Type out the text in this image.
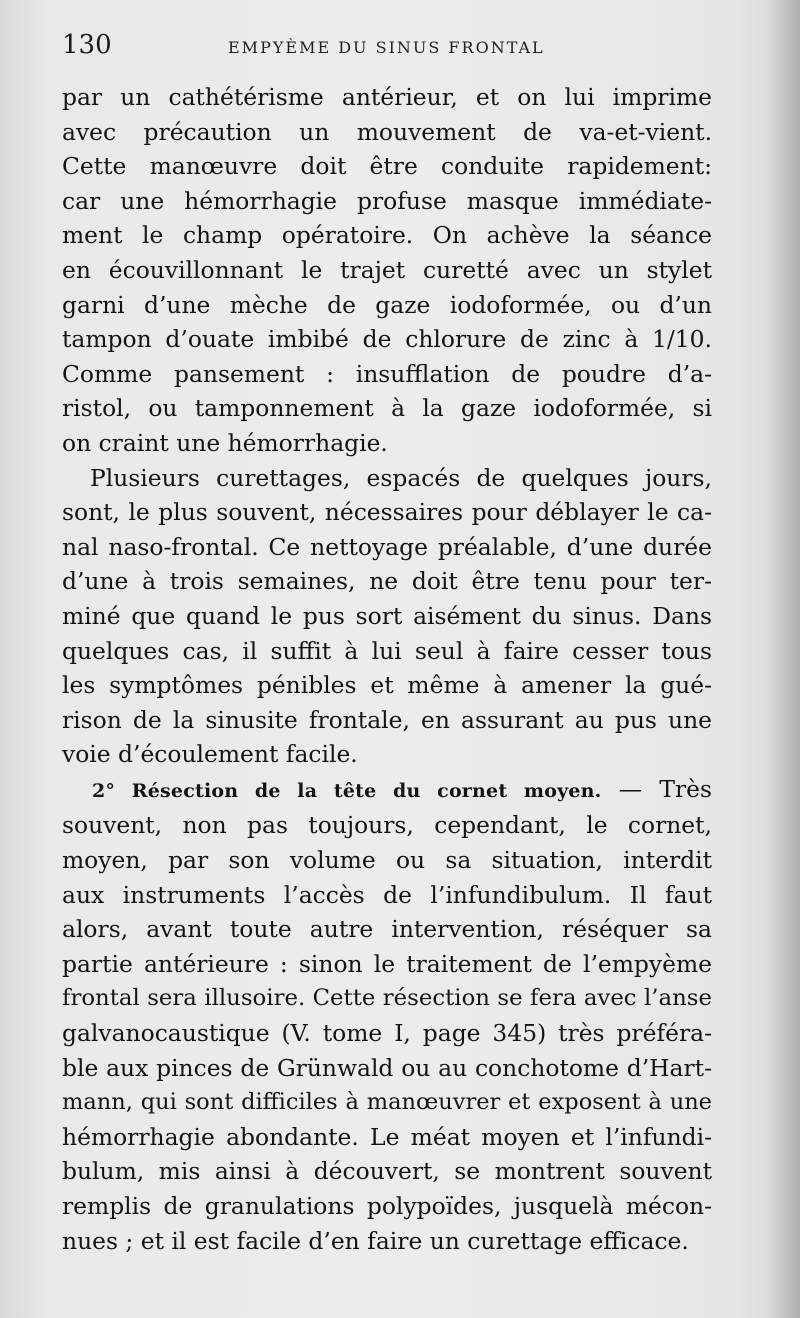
130	EMPYÈME DU SINUS FRONTAL
par un cathétérisme antérieur, et on lui imprime
avec précaution un mouvement de va-et-vient.
Cette manœuvre doit être conduite rapidement:
car une hémorrhagie profuse masque immédiate-
ment le champ opératoire. On achève la séance
en écouvillonnant le trajet curetté avec un stylet
garni d’une mèche de gaze iodoformée, ou d’un
tampon d’ouate imbibé de chlorure de zinc à 1/10.
Comme pansement : insufflation de poudre d’a-
ristol, ou tamponnement à la gaze iodoformée, si
on craint une hémorrhagie.
Plusieurs curettages, espacés de quelques jours,
sont, le plus souvent, nécessaires pour déblayer le ca-
nal naso-frontal. Ce nettoyage préalable, d’une durée
d’une à trois semaines, ne doit être tenu pour ter-
miné que quand le pus sort aisément du sinus. Dans
quelques cas, il suffit à lui seul à faire cesser tous
les symptômes pénibles et même à amener la gué-
rison de la sinusite frontale, en assurant au pus une
voie d’écoulement facile.
2° Résection de la tête du cornet moyen. — Très
souvent, non pas toujours, cependant, le cornet,
moyen, par son volume ou sa situation, interdit
aux instruments l’accès de l’infundibulum. Il faut
alors, avant toute autre intervention, réséquer sa
partie antérieure : sinon le traitement de l’empyème
frontal sera illusoire. Cette résection se fera avec l’anse
galvanocaustique (V. tome I, page 345) très préféra-
ble aux pinces de Grünwald ou au conchotome d’Hart-
mann, qui sont difficiles à manœuvrer et exposent à une
hémorrhagie abondante. Le méat moyen et l’infundi-
bulum, mis ainsi à découvert, se montrent souvent
remplis de granulations polypoïdes, jusquelà mécon-
nues ; et il est facile d’en faire un curettage efficace.
